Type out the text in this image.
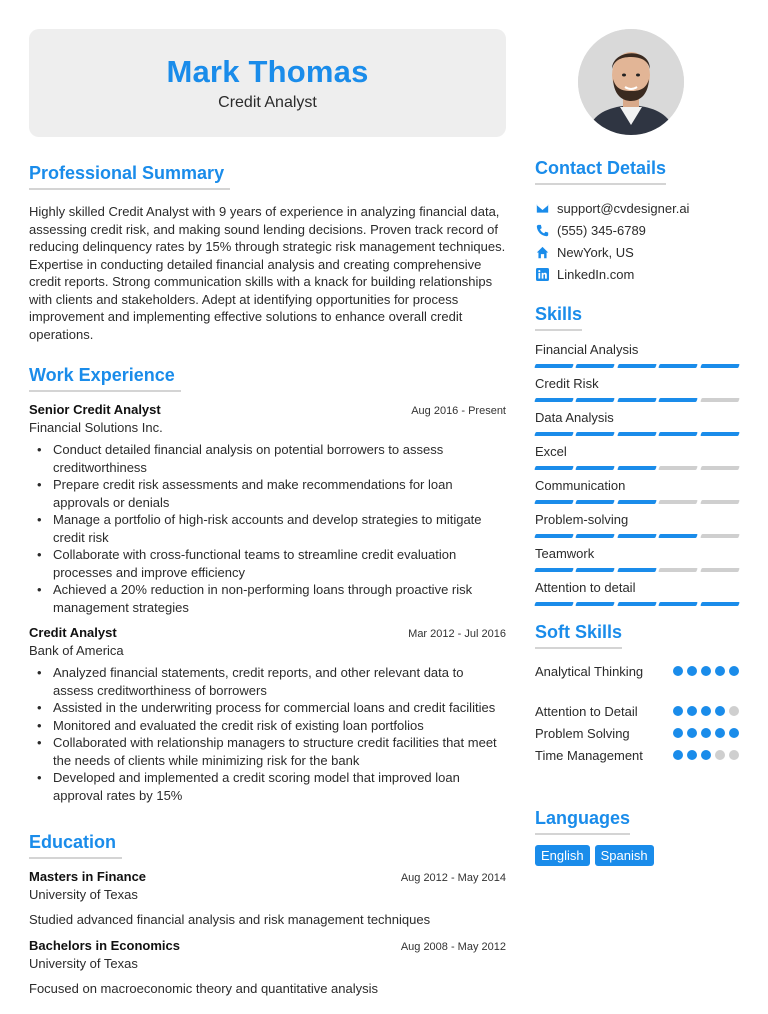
Mark Thomas
Credit Analyst
Professional Summary

Highly skilled Credit Analyst with 9 years of experience in analyzing financial data, assessing credit risk, and making sound lending decisions. Proven track record of reducing delinquency rates by 15% through strategic risk management techniques. Expertise in conducting detailed financial analysis and creating comprehensive credit reports. Strong communication skills with a knack for building relationships with clients and stakeholders. Adept at identifying opportunities for process improvement and implementing effective solutions to enhance overall credit operations.

Work Experience
Senior Credit Analyst	Aug 2016 - Present
Financial Solutions Inc.
• Conduct detailed financial analysis on potential borrowers to assess creditworthiness
• Prepare credit risk assessments and make recommendations for loan approvals or denials
• Manage a portfolio of high-risk accounts and develop strategies to mitigate credit risk
• Collaborate with cross-functional teams to streamline credit evaluation processes and improve efficiency
• Achieved a 20% reduction in non-performing loans through proactive risk management strategies
Credit Analyst	Mar 2012 - Jul 2016
Bank of America
• Analyzed financial statements, credit reports, and other relevant data to assess creditworthiness of borrowers
• Assisted in the underwriting process for commercial loans and credit facilities
• Monitored and evaluated the credit risk of existing loan portfolios
• Collaborated with relationship managers to structure credit facilities that meet the needs of clients while minimizing risk for the bank
• Developed and implemented a credit scoring model that improved loan approval rates by 15%
Education
Masters in Finance	Aug 2012 - May 2014
University of Texas
Studied advanced financial analysis and risk management techniques
Bachelors in Economics	Aug 2008 - May 2012
University of Texas
Focused on macroeconomic theory and quantitative analysis
Contact Details
support@cvdesigner.ai
(555) 345-6789
NewYork, US
LinkedIn.com
Skills
Financial Analysis
Credit Risk
Data Analysis
Excel
Communication
Problem-solving
Teamwork
Attention to detail
Soft Skills
Analytical Thinking
Attention to Detail
Problem Solving
Time Management
Languages
English	Spanish
